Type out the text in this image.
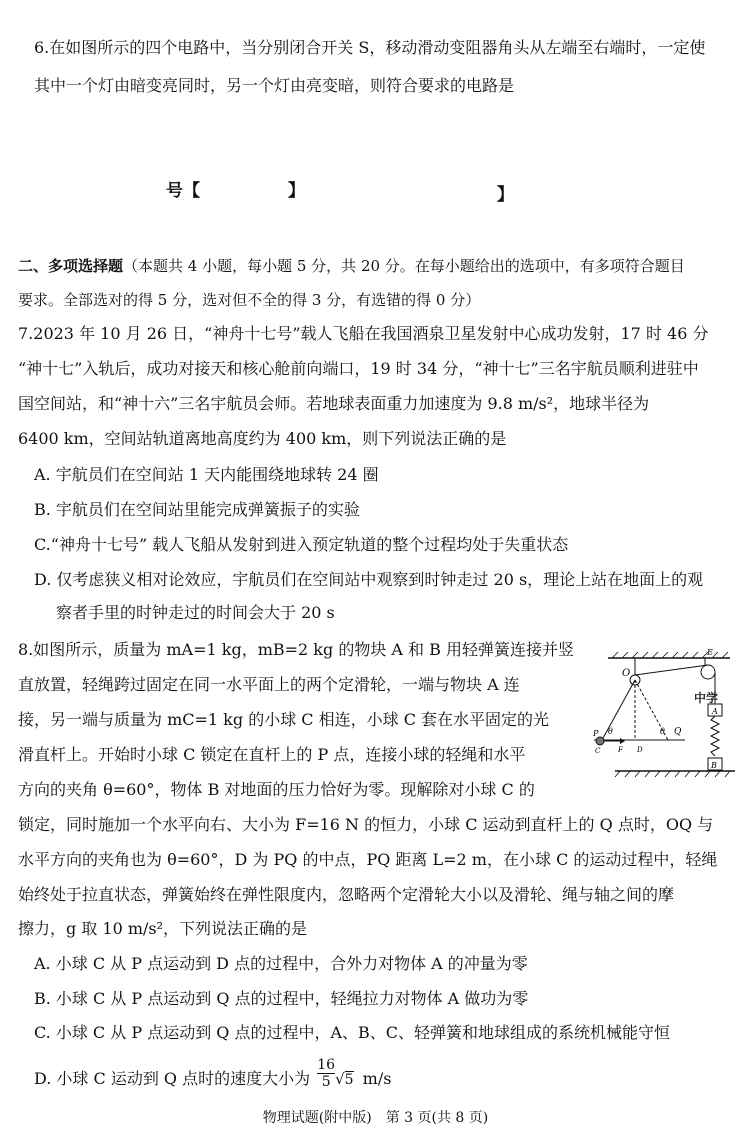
6.在如图所示的四个电路中，当分别闭合开关 S，移动滑动变阻器角头从左端至右端时，一定使
其中一个灯由暗变亮同时，另一个灯由亮变暗，则符合要求的电路是
号【	】	】
二、多项选择题（本题共 4 小题，每小题 5 分，共 20 分。在每小题给出的选项中，有多项符合题目
要求。全部选对的得 5 分，选对但不全的得 3 分，有选错的得 0 分）
7.2023 年 10 月 26 日，“神舟十七号”载人飞船在我国酒泉卫星发射中心成功发射，17 时 46 分
“神十七”入轨后，成功对接天和核心舱前向端口，19 时 34 分，“神十七”三名宇航员顺利进驻中
国空间站，和“神十六”三名宇航员会师。若地球表面重力加速度为 9.8 m/s²，地球半径为
6400 km，空间站轨道离地高度约为 400 km，则下列说法正确的是
A. 宇航员们在空间站 1 天内能围绕地球转 24 圈
B. 宇航员们在空间站里能完成弹簧振子的实验
C.“神舟十七号” 载人飞船从发射到进入预定轨道的整个过程均处于失重状态
D. 仅考虑狭义相对论效应，宇航员们在空间站中观察到时钟走过 20 s，理论上站在地面上的观
察者手里的时钟走过的时间会大于 20 s
8.如图所示，质量为 mA=1 kg，mB=2 kg 的物块 A 和 B 用轻弹簧连接并竖
直放置，轻绳跨过固定在同一水平面上的两个定滑轮，一端与物块 A 连
接，另一端与质量为 mC=1 kg 的小球 C 相连，小球 C 套在水平固定的光
滑直杆上。开始时小球 C 锁定在直杆上的 P 点，连接小球的轻绳和水平
方向的夹角 θ=60°，物体 B 对地面的压力恰好为零。现解除对小球 C 的
锁定，同时施加一个水平向右、大小为 F=16 N 的恒力，小球 C 运动到直杆上的 Q 点时，OQ 与
水平方向的夹角也为 θ=60°，D 为 PQ 的中点，PQ 距离 L=2 m，在小球 C 的运动过程中，轻绳
始终处于拉直状态，弹簧始终在弹性限度内，忽略两个定滑轮大小以及滑轮、绳与轴之间的摩
擦力，g 取 10 m/s²，下列说法正确的是
A. 小球 C 从 P 点运动到 D 点的过程中，合外力对物体 A 的冲量为零
B. 小球 C 从 P 点运动到 Q 点的过程中，轻绳拉力对物体 A 做功为零
C. 小球 C 从 P 点运动到 Q 点的过程中，A、B、C、轻弹簧和地球组成的系统机械能守恒
D. 小球 C 运动到 Q 点时的速度大小为 $\frac{16}{5} √5$ m/s
O
E
P
C	F
θ
D
θ Q
A
B
中学
物理试题(附中版)　第 3 页(共 8 页)
